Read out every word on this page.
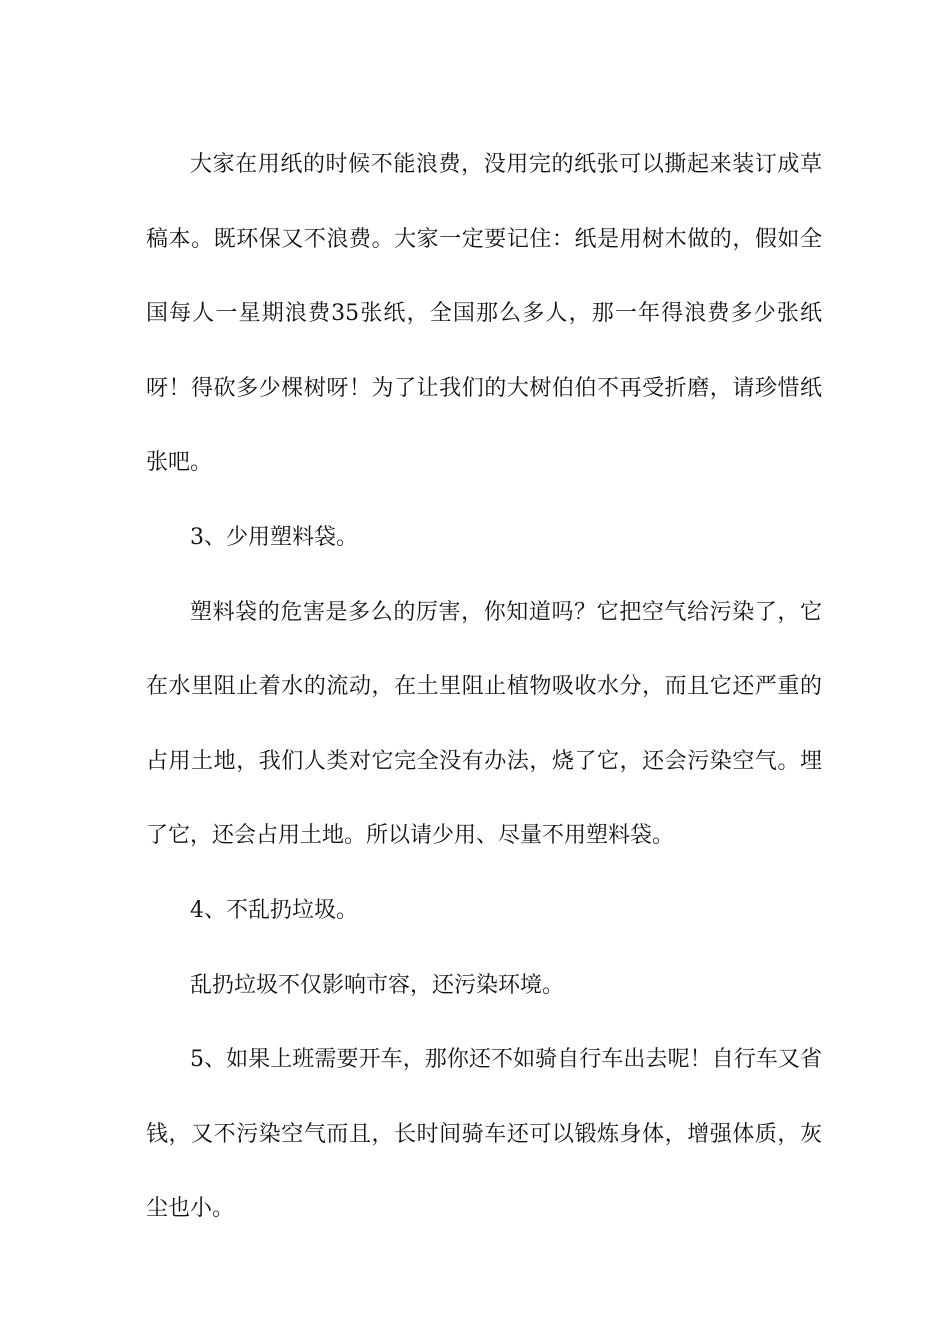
大家在用纸的时候不能浪费，没用完的纸张可以撕起来装订成草稿本。既环保又不浪费。大家一定要记住：纸是用树木做的，假如全国每人一星期浪费35张纸，全国那么多人，那一年得浪费多少张纸呀！得砍多少棵树呀！为了让我们的大树伯伯不再受折磨，请珍惜纸张吧。

3、少用塑料袋。

塑料袋的危害是多么的厉害，你知道吗？它把空气给污染了，它在水里阻止着水的流动，在土里阻止植物吸收水分，而且它还严重的占用土地，我们人类对它完全没有办法，烧了它，还会污染空气。埋了它，还会占用土地。所以请少用、尽量不用塑料袋。

4、不乱扔垃圾。

乱扔垃圾不仅影响市容，还污染环境。

5、如果上班需要开车，那你还不如骑自行车出去呢！自行车又省钱，又不污染空气而且，长时间骑车还可以锻炼身体，增强体质，灰尘也小。
